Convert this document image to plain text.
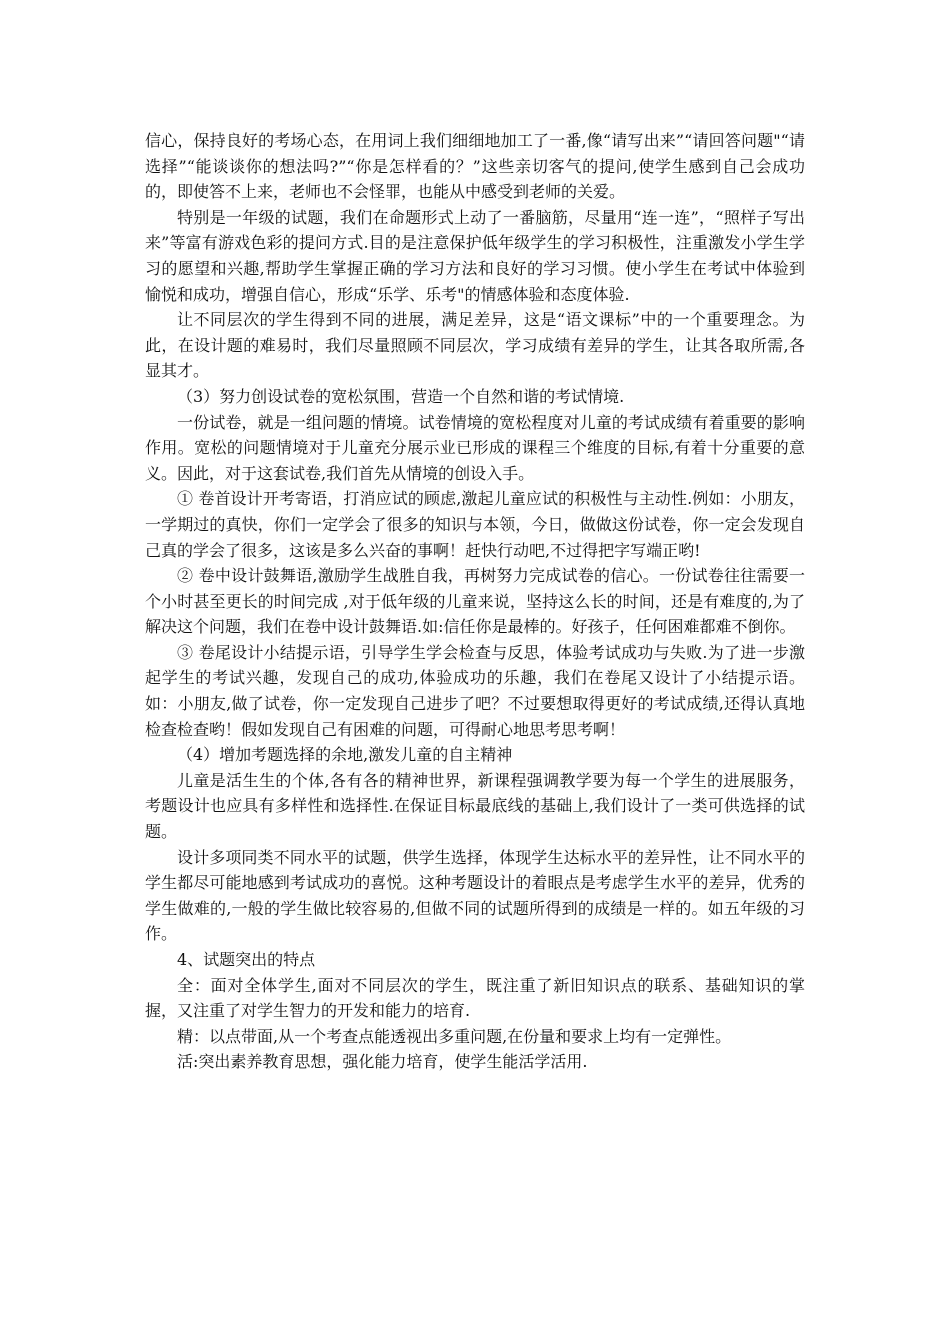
信心，保持良好的考场心态，在用词上我们细细地加工了一番,像“请写出来”“请回答问题"“请选择”“能谈谈你的想法吗?”“你是怎样看的？”这些亲切客气的提问,使学生感到自己会成功的，即使答不上来，老师也不会怪罪，也能从中感受到老师的关爱。

特别是一年级的试题，我们在命题形式上动了一番脑筋，尽量用“连一连”，“照样子写出来”等富有游戏色彩的提问方式.目的是注意保护低年级学生的学习积极性，注重激发小学生学习的愿望和兴趣,帮助学生掌握正确的学习方法和良好的学习习惯。使小学生在考试中体验到愉悦和成功，增强自信心，形成“乐学、乐考"的情感体验和态度体验.

让不同层次的学生得到不同的进展，满足差异，这是“语文课标”中的一个重要理念。为此，在设计题的难易时，我们尽量照顾不同层次，学习成绩有差异的学生，让其各取所需,各显其才。

（3）努力创设试卷的宽松氛围，营造一个自然和谐的考试情境.

一份试卷，就是一组问题的情境。试卷情境的宽松程度对儿童的考试成绩有着重要的影响作用。宽松的问题情境对于儿童充分展示业已形成的课程三个维度的目标,有着十分重要的意义。因此，对于这套试卷,我们首先从情境的创设入手。

① 卷首设计开考寄语，打消应试的顾虑,激起儿童应试的积极性与主动性.例如：小朋友，一学期过的真快，你们一定学会了很多的知识与本领，今日，做做这份试卷，你一定会发现自己真的学会了很多，这该是多么兴奋的事啊！赶快行动吧,不过得把字写端正哟!

② 卷中设计鼓舞语,激励学生战胜自我，再树努力完成试卷的信心。一份试卷往往需要一个小时甚至更长的时间完成 ,对于低年级的儿童来说，坚持这么长的时间，还是有难度的,为了解决这个问题，我们在卷中设计鼓舞语.如:信任你是最棒的。好孩子，任何困难都难不倒你。

③ 卷尾设计小结提示语，引导学生学会检查与反思，体验考试成功与失败.为了进一步激起学生的考试兴趣，发现自己的成功,体验成功的乐趣，我们在卷尾又设计了小结提示语。如：小朋友,做了试卷，你一定发现自己进步了吧？不过要想取得更好的考试成绩,还得认真地检查检查哟！假如发现自己有困难的问题，可得耐心地思考思考啊！

（4）增加考题选择的余地,激发儿童的自主精神

儿童是活生生的个体,各有各的精神世界，新课程强调教学要为每一个学生的进展服务，考题设计也应具有多样性和选择性.在保证目标最底线的基础上,我们设计了一类可供选择的试题。

设计多项同类不同水平的试题，供学生选择，体现学生达标水平的差异性，让不同水平的学生都尽可能地感到考试成功的喜悦。这种考题设计的着眼点是考虑学生水平的差异，优秀的学生做难的,一般的学生做比较容易的,但做不同的试题所得到的成绩是一样的。如五年级的习作。

4、试题突出的特点

全：面对全体学生,面对不同层次的学生，既注重了新旧知识点的联系、基础知识的掌握，又注重了对学生智力的开发和能力的培育.

精：以点带面,从一个考查点能透视出多重问题,在份量和要求上均有一定弹性。

活:突出素养教育思想，强化能力培育，使学生能活学活用.
